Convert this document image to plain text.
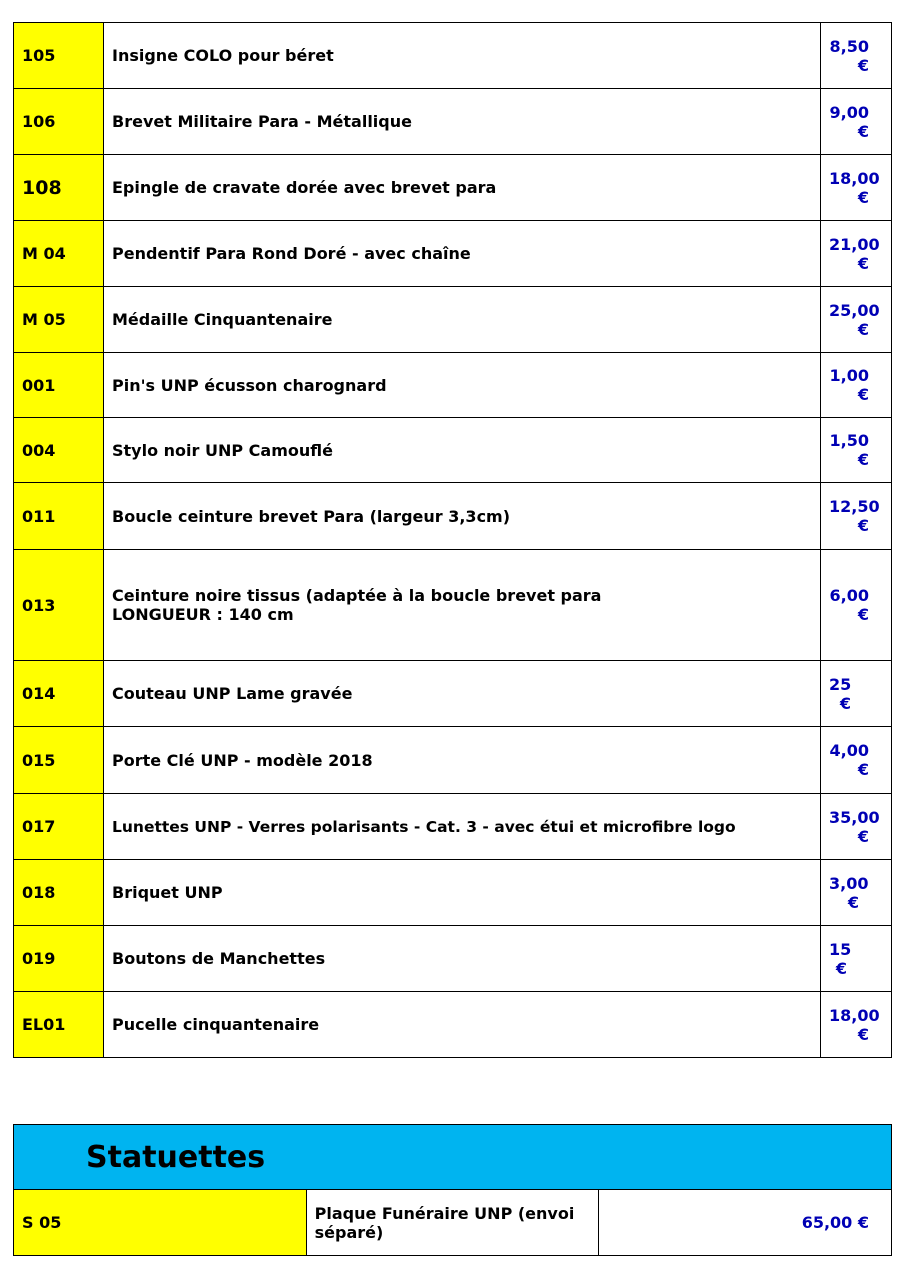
105	Insigne COLO pour béret	8,50 €
106	Brevet Militaire Para - Métallique	9,00 €
108	Epingle de cravate dorée avec brevet para	18,00 €
M 04	Pendentif Para Rond Doré - avec chaîne	21,00 €
M 05	Médaille Cinquantenaire	25,00 €
001	Pin's UNP écusson charognard	1,00 €
004	Stylo noir UNP Camouflé	1,50 €
011	Boucle ceinture brevet Para (largeur 3,3cm)	12,50 €
013	Ceinture noire tissus (adaptée à la boucle brevet para
LONGUEUR : 140 cm	6,00 €
014	Couteau UNP Lame gravée	25 €
015	Porte Clé UNP - modèle 2018	4,00 €
017	Lunettes UNP - Verres polarisants - Cat. 3 - avec étui et microfibre logo	35,00 €
018	Briquet UNP	3,00 €
019	Boutons de Manchettes	15 €
EL01	Pucelle cinquantenaire	18,00 €
Statuettes
S 05	Plaque Funéraire UNP (envoi séparé)	65,00 €
